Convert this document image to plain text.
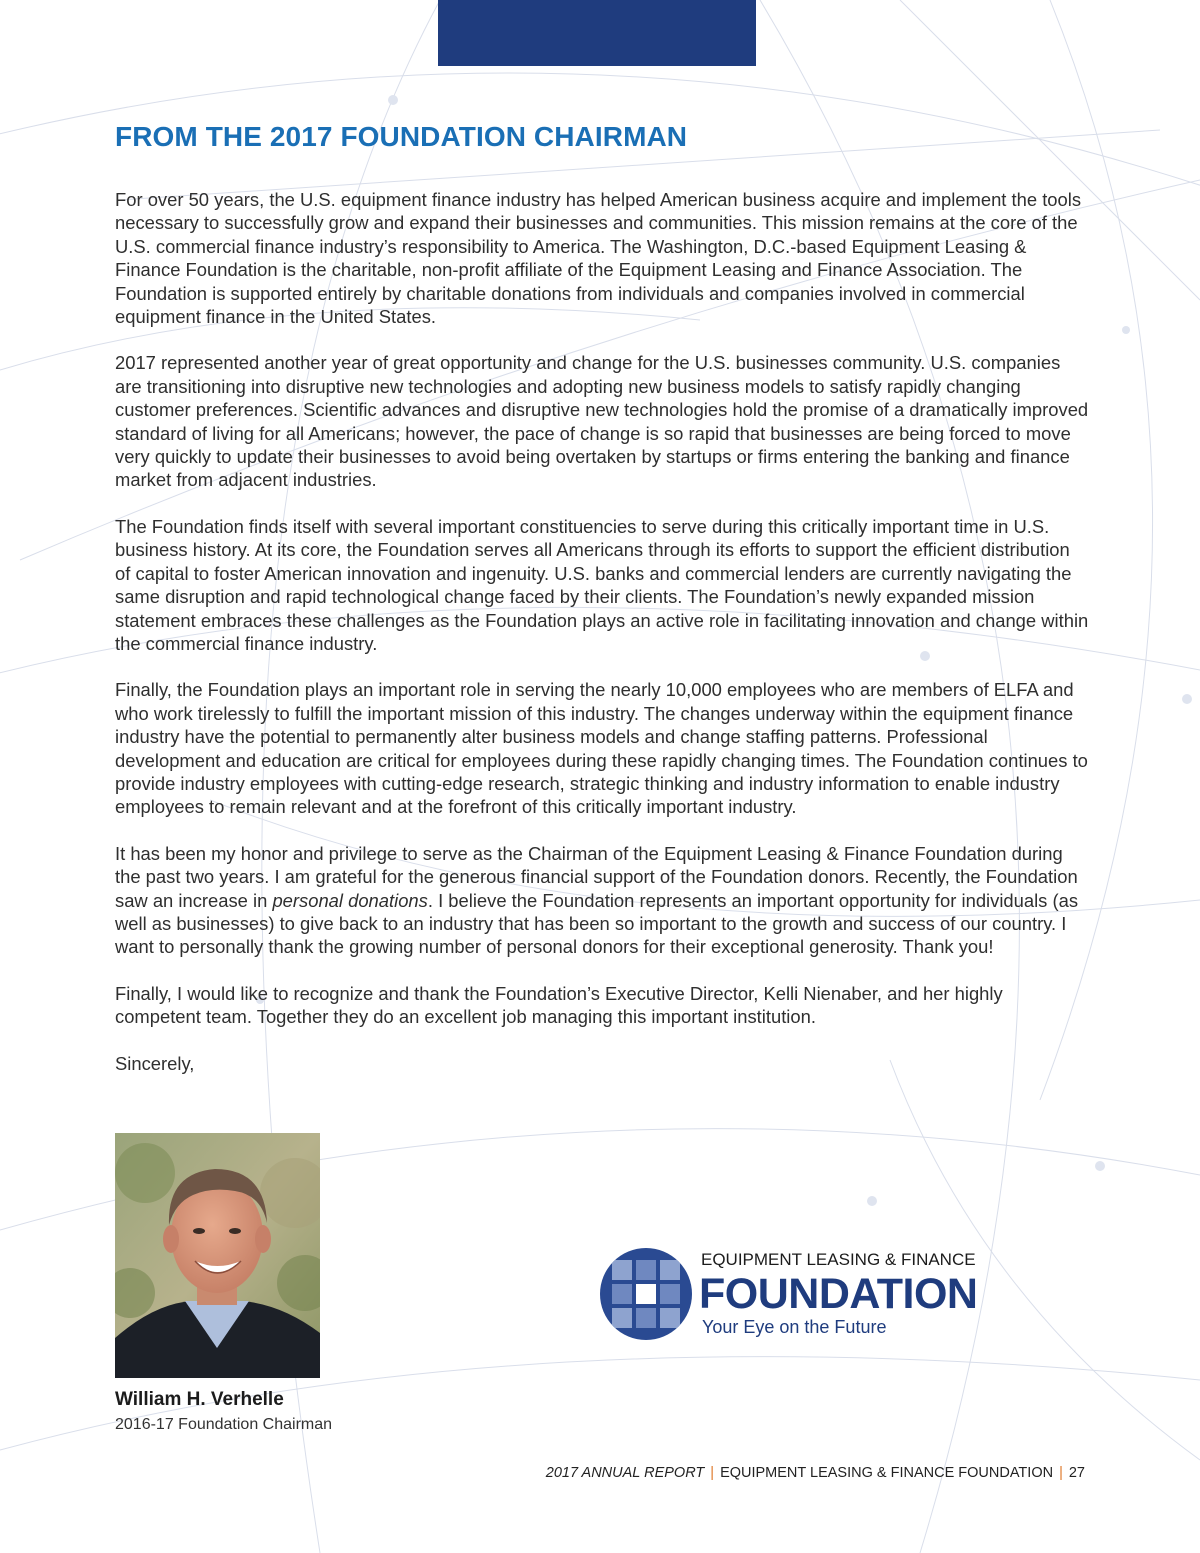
FROM THE 2017 FOUNDATION CHAIRMAN

For over 50 years, the U.S. equipment finance industry has helped American business acquire and implement the tools necessary to successfully grow and expand their businesses and communities. This mission remains at the core of the U.S. commercial finance industry’s responsibility to America. The Washington, D.C.-based Equipment Leasing & Finance Foundation is the charitable, non-profit affiliate of the Equipment Leasing and Finance Association. The Foundation is supported entirely by charitable donations from individuals and companies involved in commercial equipment finance in the United States.

2017 represented another year of great opportunity and change for the U.S. businesses community. U.S. companies are transitioning into disruptive new technologies and adopting new business models to satisfy rapidly changing customer preferences. Scientific advances and disruptive new technologies hold the promise of a dramatically improved standard of living for all Americans; however, the pace of change is so rapid that businesses are being forced to move very quickly to update their businesses to avoid being overtaken by startups or firms entering the banking and finance market from adjacent industries.

The Foundation finds itself with several important constituencies to serve during this critically important time in U.S. business history. At its core, the Foundation serves all Americans through its efforts to support the efficient distribution of capital to foster American innovation and ingenuity. U.S. banks and commercial lenders are currently navigating the same disruption and rapid technological change faced by their clients. The Foundation’s newly expanded mission statement embraces these challenges as the Foundation plays an active role in facilitating innovation and change within the commercial finance industry.

Finally, the Foundation plays an important role in serving the nearly 10,000 employees who are members of ELFA and who work tirelessly to fulfill the important mission of this industry. The changes underway within the equipment finance industry have the potential to permanently alter business models and change staffing patterns. Professional development and education are critical for employees during these rapidly changing times. The Foundation continues to provide industry employees with cutting-edge research, strategic thinking and industry information to enable industry employees to remain relevant and at the forefront of this critically important industry.

It has been my honor and privilege to serve as the Chairman of the Equipment Leasing & Finance Foundation during the past two years. I am grateful for the generous financial support of the Foundation donors. Recently, the Foundation saw an increase in personal donations. I believe the Foundation represents an important opportunity for individuals (as well as businesses) to give back to an industry that has been so important to the growth and success of our country. I want to personally thank the growing number of personal donors for their exceptional generosity. Thank you!

Finally, I would like to recognize and thank the Foundation’s Executive Director, Kelli Nienaber, and her highly competent team. Together they do an excellent job managing this important institution.

Sincerely,

William H. Verhelle
2016-17 Foundation Chairman
EQUIPMENT LEASING & FINANCE
FOUNDATION
Your Eye on the Future
2017 ANNUAL REPORT | EQUIPMENT LEASING & FINANCE FOUNDATION | 27
